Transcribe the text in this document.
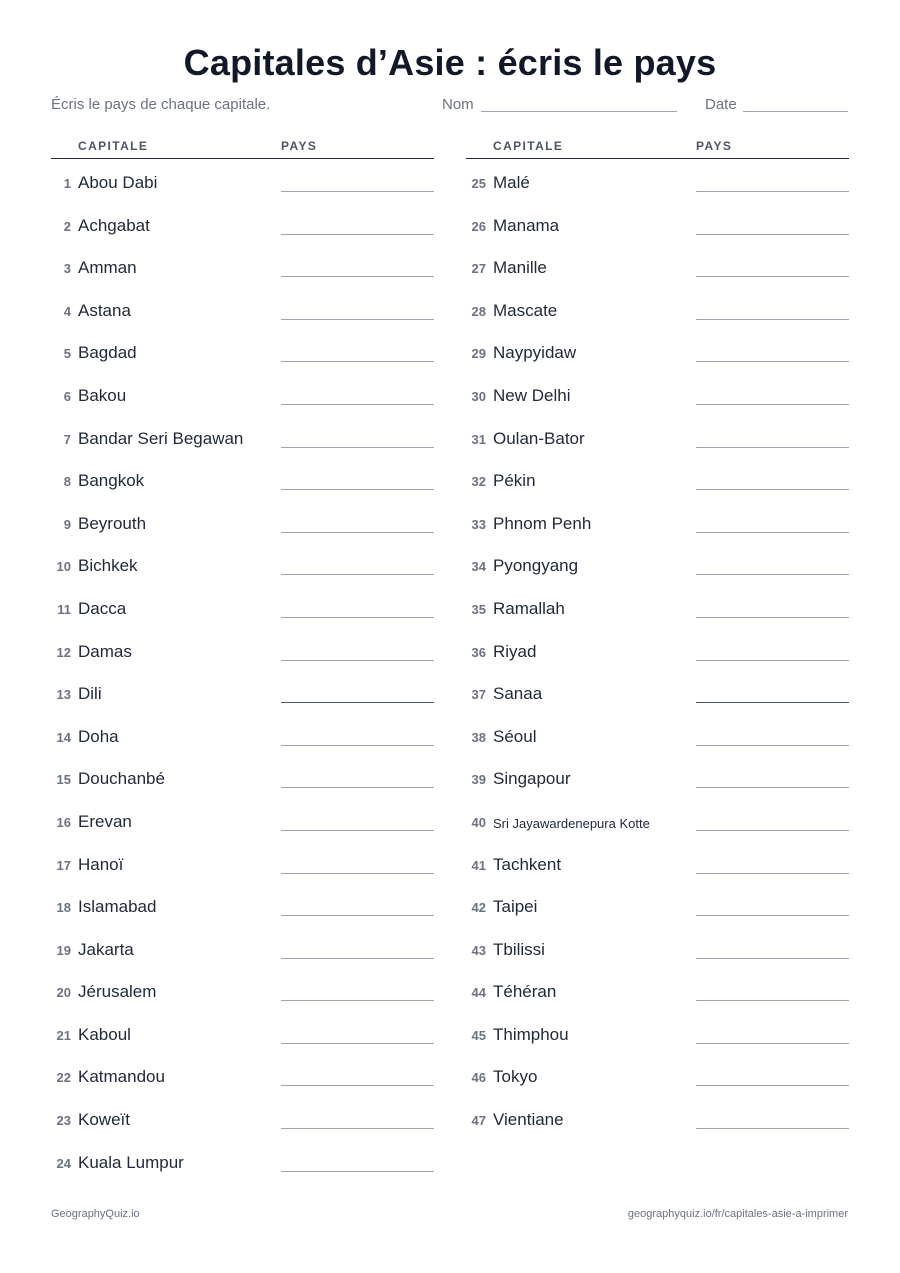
Capitales d’Asie : écris le pays
Écris le pays de chaque capitale.	Nom	Date
CAPITALE	PAYS
1 Abou Dabi
2 Achgabat
3 Amman
4 Astana
5 Bagdad
6 Bakou
7 Bandar Seri Begawan
8 Bangkok
9 Beyrouth
10 Bichkek
11 Dacca
12 Damas
13 Dili
14 Doha
15 Douchanbé
16 Erevan
17 Hanoï
18 Islamabad
19 Jakarta
20 Jérusalem
21 Kaboul
22 Katmandou
23 Koweït
24 Kuala Lumpur
CAPITALE	PAYS
25 Malé
26 Manama
27 Manille
28 Mascate
29 Naypyidaw
30 New Delhi
31 Oulan-Bator
32 Pékin
33 Phnom Penh
34 Pyongyang
35 Ramallah
36 Riyad
37 Sanaa
38 Séoul
39 Singapour
40 Sri Jayawardenepura Kotte
41 Tachkent
42 Taipei
43 Tbilissi
44 Téhéran
45 Thimphou
46 Tokyo
47 Vientiane
GeographyQuiz.io	geographyquiz.io/fr/capitales-asie-a-imprimer
